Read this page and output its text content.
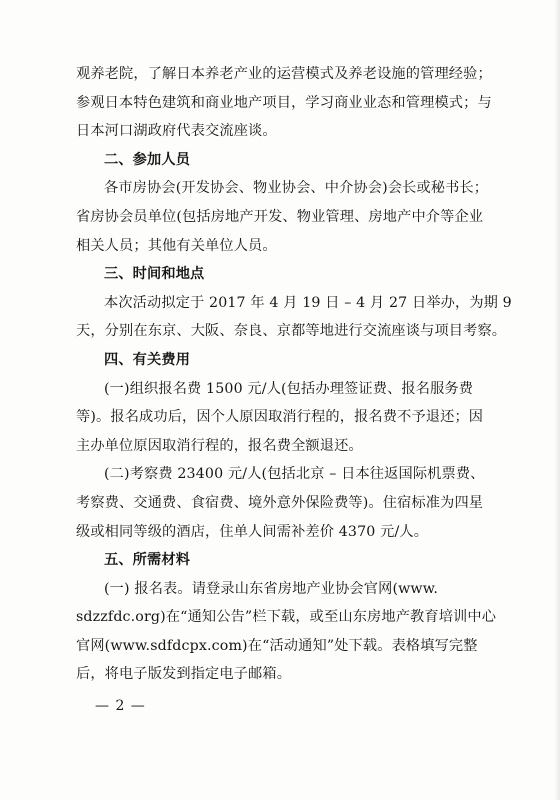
观养老院，了解日本养老产业的运营模式及养老设施的管理经验；
参观日本特色建筑和商业地产项目，学习商业业态和管理模式；与
日本河口湖政府代表交流座谈。
二、参加人员
各市房协会(开发协会、物业协会、中介协会)会长或秘书长；
省房协会员单位(包括房地产开发、物业管理、房地产中介等企业
相关人员；其他有关单位人员。
三、时间和地点
本次活动拟定于 2017 年 4 月 19 日 – 4 月 27 日举办，为期 9
天，分别在东京、大阪、奈良、京都等地进行交流座谈与项目考察。
四、有关费用
(一)组织报名费 1500 元/人(包括办理签证费、报名服务费
等)。报名成功后，因个人原因取消行程的，报名费不予退还；因
主办单位原因取消行程的，报名费全额退还。
(二)考察费 23400 元/人(包括北京 – 日本往返国际机票费、
考察费、交通费、食宿费、境外意外保险费等)。住宿标准为四星
级或相同等级的酒店，住单人间需补差价 4370 元/人。
五、所需材料
(一) 报名表。请登录山东省房地产业协会官网(www.
sdzzfdc.org)在“通知公告”栏下载，或至山东房地产教育培训中心
官网(www.sdfdcpx.com)在“活动通知”处下载。表格填写完整
后，将电子版发到指定电子邮箱。
— 2 —
